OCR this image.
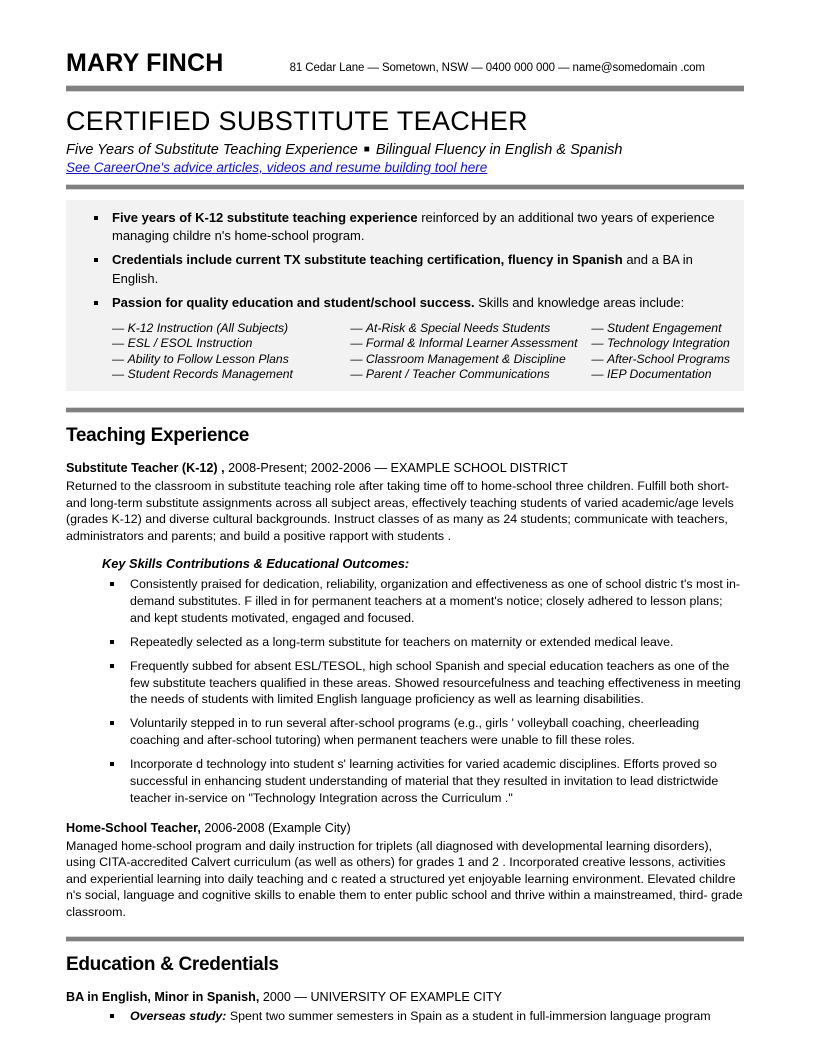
MARY FINCH	81 Cedar Lane — Sometown, NSW — 0400 000 000 — name@somedomain .com
CERTIFIED SUBSTITUTE TEACHER
Five Years of Substitute Teaching Experience ■ Bilingual Fluency in English & Spanish
See CareerOne's advice articles, videos and resume building tool here
Five years of K-12 substitute teaching experience reinforced by an additional two years of experience managing childre n's home-school program.
Credentials include current TX substitute teaching certification, fluency in Spanish and a BA in English.
Passion for quality education and student/school success. Skills and knowledge areas include:
— K-12 Instruction (All Subjects)
— ESL / ESOL Instruction
— Ability to Follow Lesson Plans
— Student Records Management
— At-Risk & Special Needs Students
— Formal & Informal Learner Assessment
— Classroom Management & Discipline
— Parent / Teacher Communications
— Student Engagement
— Technology Integration
— After-School Programs
— IEP Documentation
Teaching Experience
Substitute Teacher (K-12) , 2008-Present; 2002-2006 — EXAMPLE SCHOOL DISTRICT
Returned to the classroom in substitute teaching role after taking time off to home-school three children. Fulfill both short- and long-term substitute assignments across all subject areas, effectively teaching students of varied academic/age levels (grades K-12) and diverse cultural backgrounds. Instruct classes of as many as 24 students; communicate with teachers, administrators and parents; and build a positive rapport with students .
Key Skills Contributions & Educational Outcomes:
Consistently praised for dedication, reliability, organization and effectiveness as one of school distric t's most in-demand substitutes. F illed in for permanent teachers at a moment's notice; closely adhered to lesson plans; and kept students motivated, engaged and focused.
Repeatedly selected as a long-term substitute for teachers on maternity or extended medical leave.
Frequently subbed for absent ESL/TESOL, high school Spanish and special education teachers as one of the few substitute teachers qualified in these areas. Showed resourcefulness and teaching effectiveness in meeting the needs of students with limited English language proficiency as well as learning disabilities.
Voluntarily stepped in to run several after-school programs (e.g., girls ' volleyball coaching, cheerleading coaching and after-school tutoring) when permanent teachers were unable to fill these roles.
Incorporate d technology into student s' learning activities for varied academic disciplines. Efforts proved so successful in enhancing student understanding of material that they resulted in invitation to lead districtwide teacher in-service on "Technology Integration across the Curriculum ."
Home-School Teacher, 2006-2008 (Example City)
Managed home-school program and daily instruction for triplets (all diagnosed with developmental learning disorders), using CITA-accredited Calvert curriculum (as well as others) for grades 1 and 2 . Incorporated creative lessons, activities and experiential learning into daily teaching and c reated a structured yet enjoyable learning environment. Elevated childre n's social, language and cognitive skills to enable them to enter public school and thrive within a mainstreamed, third- grade classroom.
Education & Credentials
BA in English, Minor in Spanish, 2000 — UNIVERSITY OF EXAMPLE CITY
Overseas study: Spent two summer semesters in Spain as a student in full-immersion language program
